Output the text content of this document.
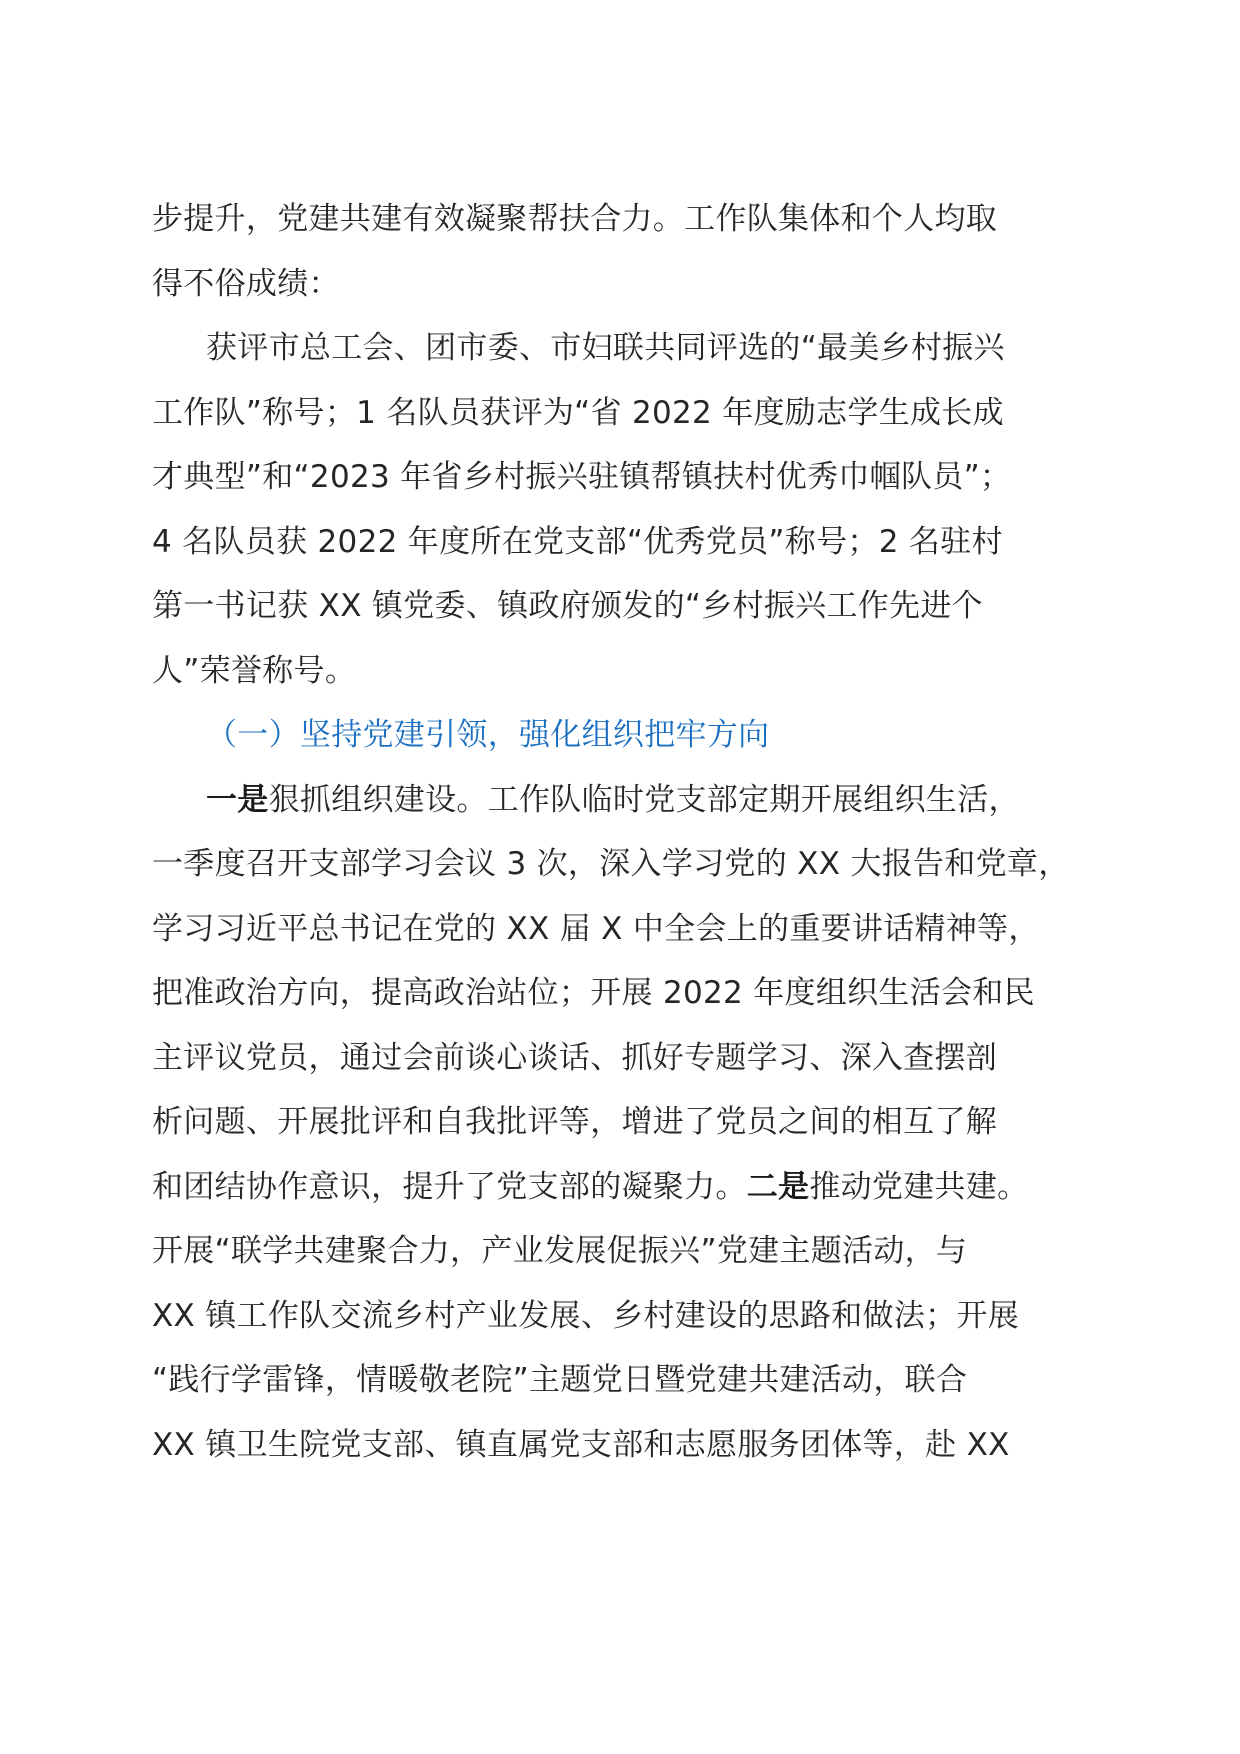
步提升，党建共建有效凝聚帮扶合力。工作队集体和个人均取
得不俗成绩：

获评市总工会、团市委、市妇联共同评选的“最美乡村振兴
工作队”称号；1 名队员获评为“省 2022 年度励志学生成长成
才典型”和“2023 年省乡村振兴驻镇帮镇扶村优秀巾帼队员”；
4 名队员获 2022 年度所在党支部“优秀党员”称号；2 名驻村
第一书记获 XX 镇党委、镇政府颁发的“乡村振兴工作先进个
人”荣誉称号。

（一）坚持党建引领，强化组织把牢方向

一是狠抓组织建设。工作队临时党支部定期开展组织生活，
一季度召开支部学习会议 3 次，深入学习党的 XX 大报告和党章，
学习习近平总书记在党的 XX 届 X 中全会上的重要讲话精神等，
把准政治方向，提高政治站位；开展 2022 年度组织生活会和民
主评议党员，通过会前谈心谈话、抓好专题学习、深入查摆剖
析问题、开展批评和自我批评等，增进了党员之间的相互了解
和团结协作意识，提升了党支部的凝聚力。二是推动党建共建。
开展“联学共建聚合力，产业发展促振兴”党建主题活动，与
XX 镇工作队交流乡村产业发展、乡村建设的思路和做法；开展
“践行学雷锋，情暖敬老院”主题党日暨党建共建活动，联合
XX 镇卫生院党支部、镇直属党支部和志愿服务团体等，赴 XX
